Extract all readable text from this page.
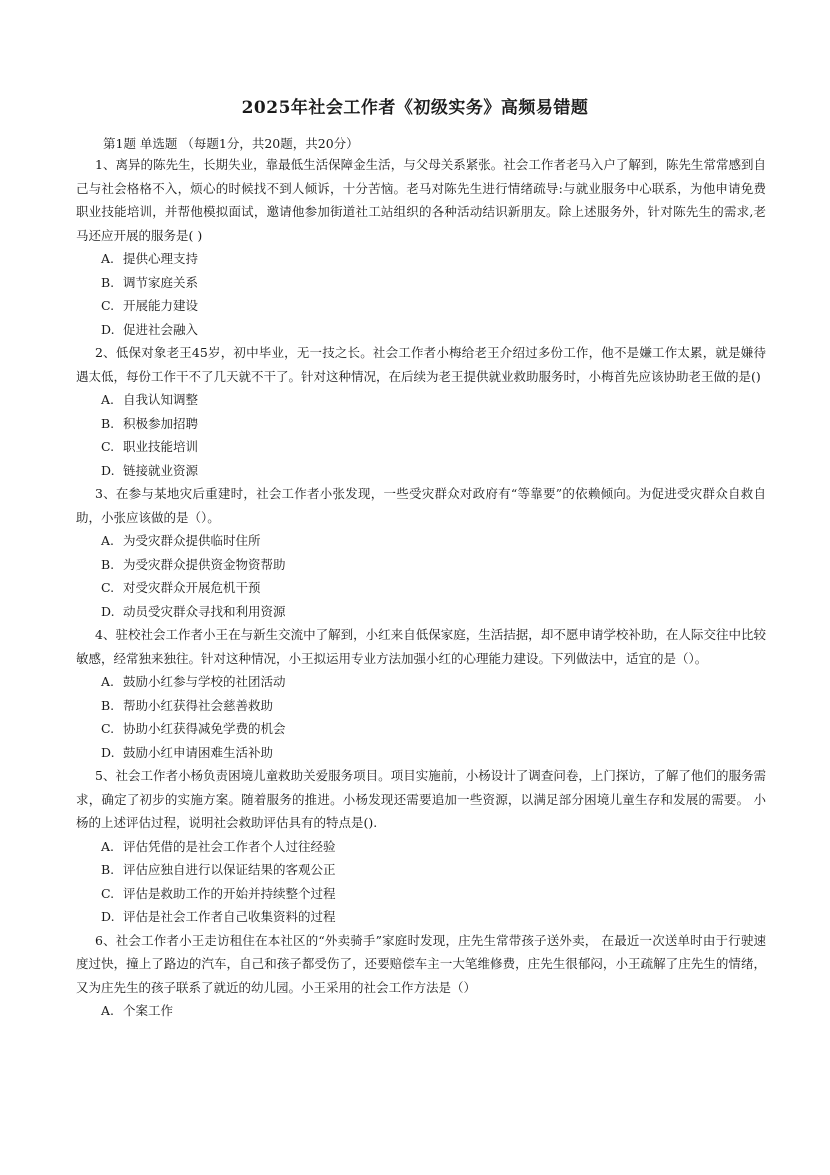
2025年社会工作者《初级实务》高频易错题
第1题 单选题 （每题1分，共20题，共20分）

1、离异的陈先生，长期失业，靠最低生活保障金生活，与父母关系紧张。社会工作者老马入户了解到，陈先生常常感到自己与社会格格不入，烦心的时候找不到人倾诉，十分苦恼。老马对陈先生进行情绪疏导:与就业服务中心联系，为他申请免费职业技能培训，并帮他模拟面试，邀请他参加街道社工站组织的各种活动结识新朋友。除上述服务外，针对陈先生的需求,老马还应开展的服务是( )

A. 提供心理支持
B. 调节家庭关系
C. 开展能力建设
D. 促进社会融入

2、低保对象老王45岁，初中毕业，无一技之长。社会工作者小梅给老王介绍过多份工作，他不是嫌工作太累，就是嫌待遇太低，每份工作干不了几天就不干了。针对这种情况，在后续为老王提供就业救助服务时，小梅首先应该协助老王做的是()

A. 自我认知调整
B. 积极参加招聘
C. 职业技能培训
D. 链接就业资源

3、在参与某地灾后重建时，社会工作者小张发现，一些受灾群众对政府有“等靠要”的依赖倾向。为促进受灾群众自救自助，小张应该做的是（）。

A. 为受灾群众提供临时住所
B. 为受灾群众提供资金物资帮助
C. 对受灾群众开展危机干预
D. 动员受灾群众寻找和利用资源

4、驻校社会工作者小王在与新生交流中了解到，小红来自低保家庭，生活拮据，却不愿申请学校补助，在人际交往中比较敏感，经常独来独往。针对这种情况，小王拟运用专业方法加强小红的心理能力建设。下列做法中，适宜的是（）。

A. 鼓励小红参与学校的社团活动
B. 帮助小红获得社会慈善救助
C. 协助小红获得减免学费的机会
D. 鼓励小红申请困难生活补助

5、社会工作者小杨负责困境儿童救助关爱服务项目。项目实施前，小杨设计了调查问卷，上门探访，了解了他们的服务需求，确定了初步的实施方案。随着服务的推进。小杨发现还需要追加一些资源，以满足部分困境儿童生存和发展的需要。 小杨的上述评估过程，说明社会救助评估具有的特点是().

A. 评估凭借的是社会工作者个人过往经验
B. 评估应独自进行以保证结果的客观公正
C. 评估是救助工作的开始并持续整个过程
D. 评估是社会工作者自己收集资料的过程

6、社会工作者小王走访租住在本社区的“外卖骑手”家庭时发现，庄先生常带孩子送外卖， 在最近一次送单时由于行驶速度过快，撞上了路边的汽车，自己和孩子都受伤了，还要赔偿车主一大笔维修费，庄先生很郁闷，小王疏解了庄先生的情绪，又为庄先生的孩子联系了就近的幼儿园。小王采用的社会工作方法是（）

A. 个案工作
